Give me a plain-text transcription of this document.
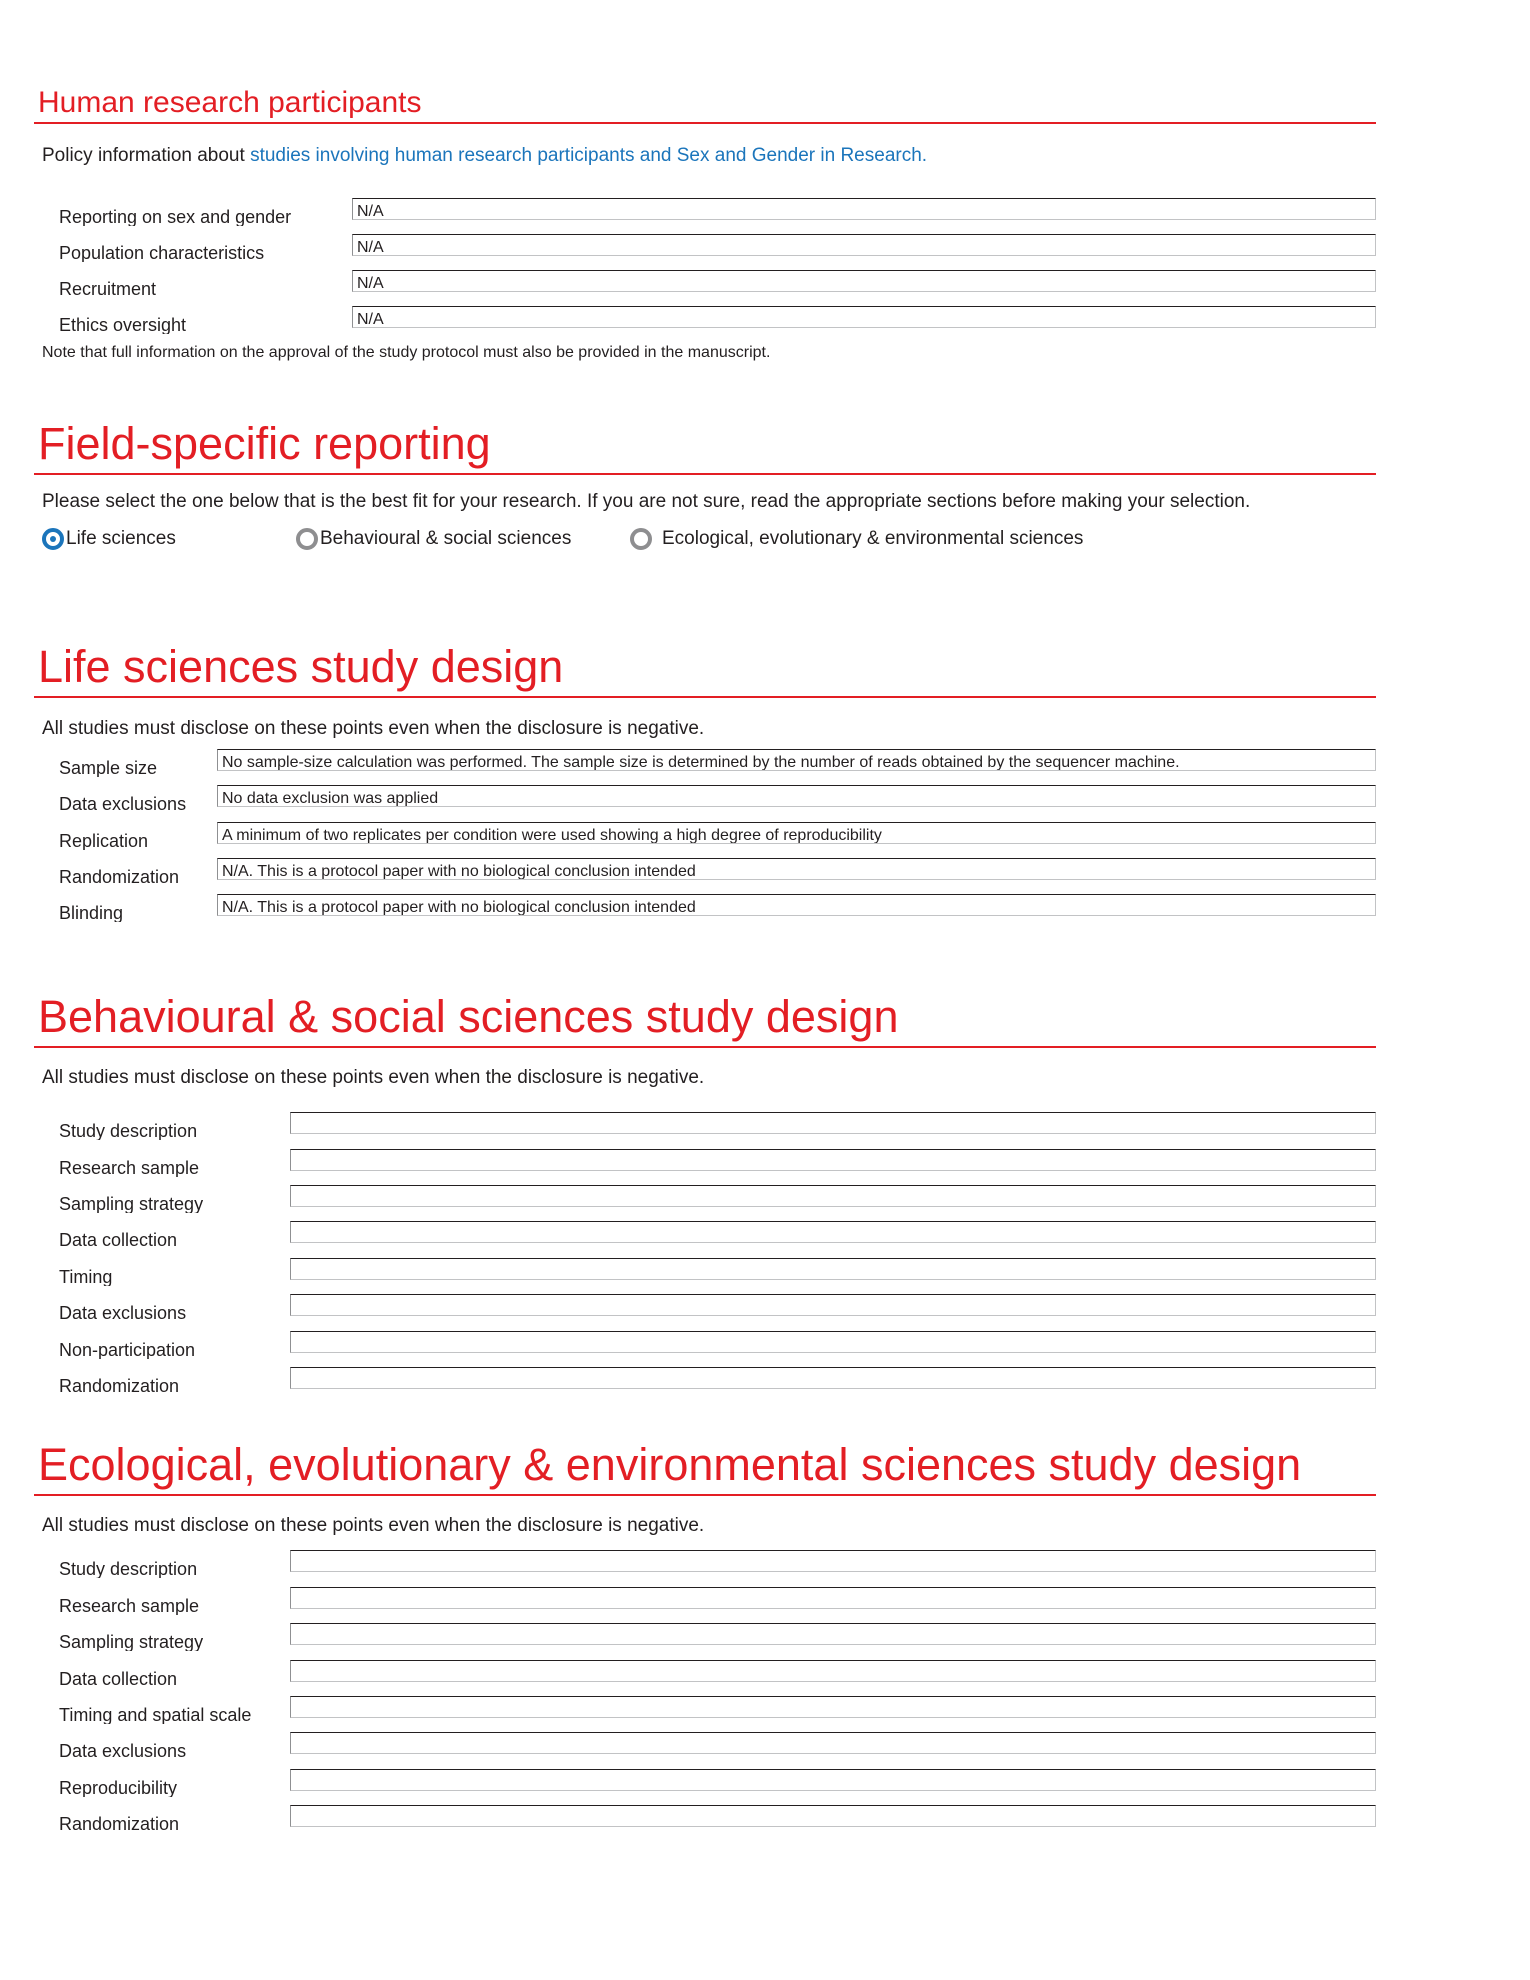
Human research participants

Policy information about studies involving human research participants and Sex and Gender in Research.

Reporting on sex and gender	N/A
Population characteristics	N/A
Recruitment	N/A
Ethics oversight	N/A

Note that full information on the approval of the study protocol must also be provided in the manuscript.

Field-specific reporting

Please select the one below that is the best fit for your research. If you are not sure, read the appropriate sections before making your selection.

Life sciences	Behavioural & social sciences	Ecological, evolutionary & environmental sciences
Life sciences study design

All studies must disclose on these points even when the disclosure is negative.

Sample size	No sample-size calculation was performed. The sample size is determined by the number of reads obtained by the sequencer machine.
Data exclusions	No data exclusion was applied
Replication	A minimum of two replicates per condition were used showing a high degree of reproducibility
Randomization	N/A. This is a protocol paper with no biological conclusion intended
Blinding	N/A. This is a protocol paper with no biological conclusion intended
Behavioural & social sciences study design

All studies must disclose on these points even when the disclosure is negative.

Study description
Research sample
Sampling strategy
Data collection
Timing
Data exclusions
Non-participation
Randomization
Ecological, evolutionary & environmental sciences study design

All studies must disclose on these points even when the disclosure is negative.

Study description
Research sample
Sampling strategy
Data collection
Timing and spatial scale
Data exclusions
Reproducibility
Randomization
